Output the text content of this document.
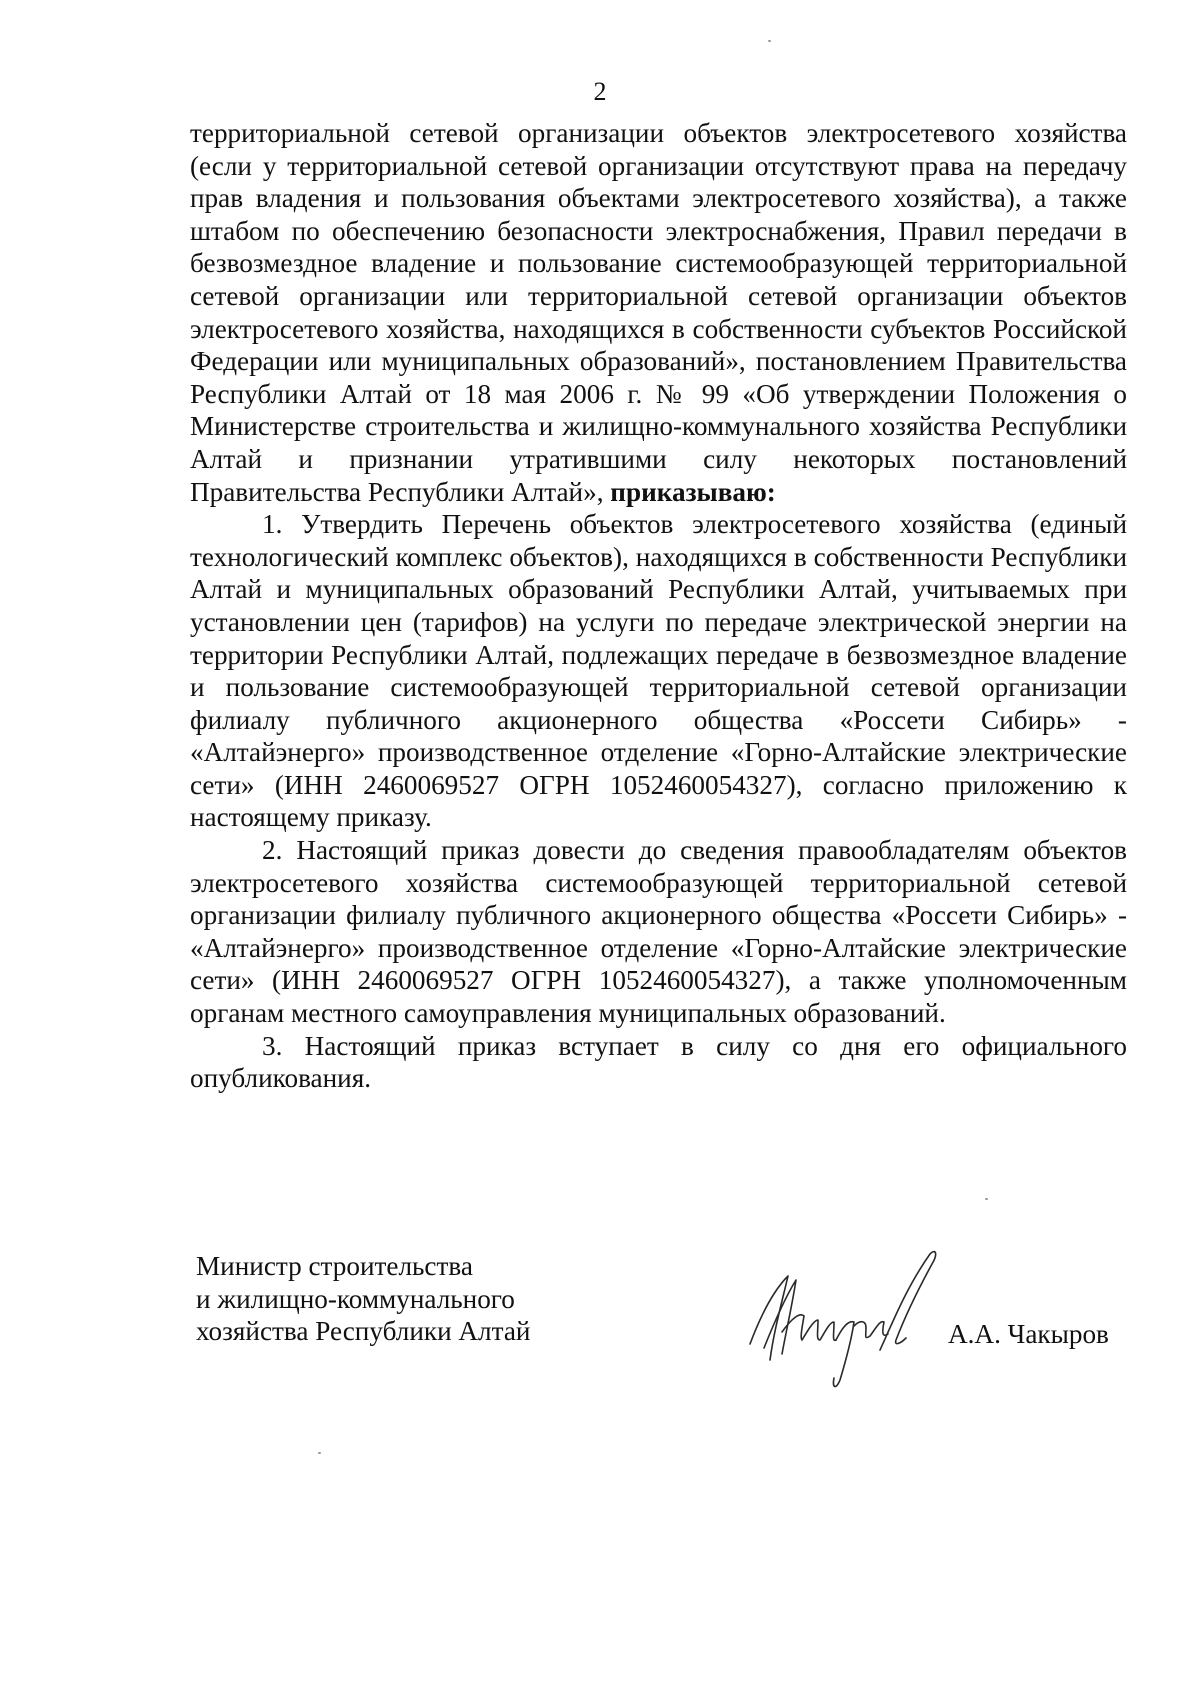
2

территориальной сетевой организации объектов электросетевого хозяйства (если у территориальной сетевой организации отсутствуют права на передачу прав владения и пользования объектами электросетевого хозяйства), а также штабом по обеспечению безопасности электроснабжения, Правил передачи в безвозмездное владение и пользование системообразующей территориальной сетевой организации или территориальной сетевой организации объектов электросетевого хозяйства, находящихся в собственности субъектов Российской Федерации или муниципальных образований», постановлением Правительства Республики Алтай от 18 мая 2006 г. № 99 «Об утверждении Положения о Министерстве строительства и жилищно-коммунального хозяйства Республики Алтай и признании утратившими силу некоторых постановлений Правительства Республики Алтай», приказываю:

1. Утвердить Перечень объектов электросетевого хозяйства (единый технологический комплекс объектов), находящихся в собственности Республики Алтай и муниципальных образований Республики Алтай, учитываемых при установлении цен (тарифов) на услуги по передаче электрической энергии на территории Республики Алтай, подлежащих передаче в безвозмездное владение и пользование системообразующей территориальной сетевой организации филиалу публичного акционерного общества «Россети Сибирь» - «Алтайэнерго» производственное отделение «Горно-Алтайские электрические сети» (ИНН 2460069527 ОГРН 1052460054327), согласно приложению к настоящему приказу.

2. Настоящий приказ довести до сведения правообладателям объектов электросетевого хозяйства системообразующей территориальной сетевой организации филиалу публичного акционерного общества «Россети Сибирь» - «Алтайэнерго» производственное отделение «Горно-Алтайские электрические сети» (ИНН 2460069527 ОГРН 1052460054327), а также уполномоченным органам местного самоуправления муниципальных образований.

3. Настоящий приказ вступает в силу со дня его официального опубликования.

Министр строительства
и жилищно-коммунального
хозяйства Республики Алтай	А.А. Чакыров
